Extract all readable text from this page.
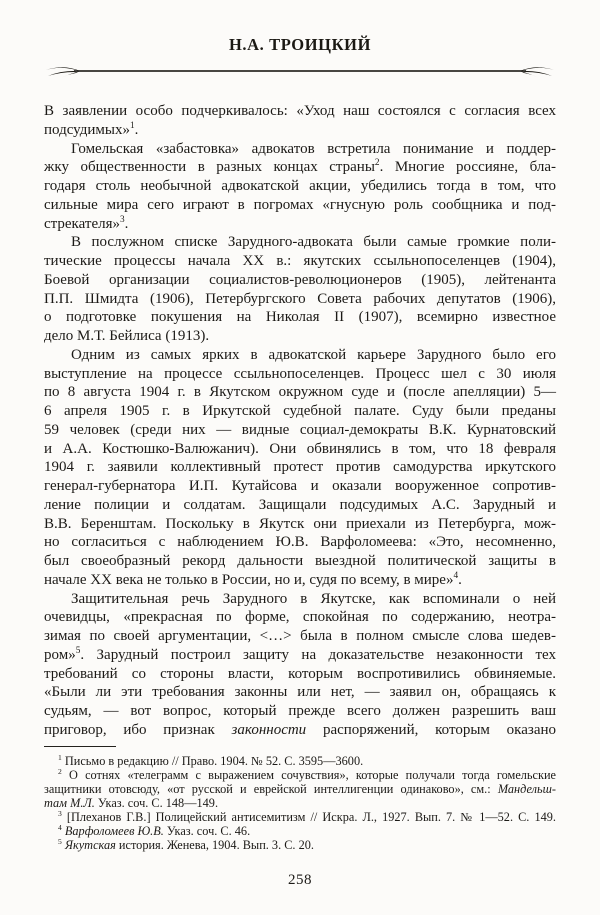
Н.А. ТРОИЦКИЙ
В заявлении особо подчеркивалось: «Уход наш состоялся с согласия всех
подсудимых»$^1$.
Гомельская «забастовка» адвокатов встретила понимание и поддер-
жку общественности в разных концах страны$^2$. Многие россияне, бла-
годаря столь необычной адвокатской акции, убедились тогда в том, что
сильные мира сего играют в погромах «гнусную роль сообщника и под-
стрекателя»$^3$.
В послужном списке Зарудного-адвоката были самые громкие поли-
тические процессы начала XX в.: якутских ссыльнопоселенцев (1904),
Боевой организации социалистов-революционеров (1905), лейтенанта
П.П. Шмидта (1906), Петербургского Совета рабочих депутатов (1906),
о подготовке покушения на Николая II (1907), всемирно известное
дело М.Т. Бейлиса (1913).
Одним из самых ярких в адвокатской карьере Зарудного было его
выступление на процессе ссыльнопоселенцев. Процесс шел с 30 июля
по 8 августа 1904 г. в Якутском окружном суде и (после апелляции) 5—
6 апреля 1905 г. в Иркутской судебной палате. Суду были преданы
59 человек (среди них — видные социал-демократы В.К. Курнатовский
и А.А. Костюшко-Валюжанич). Они обвинялись в том, что 18 февраля
1904 г. заявили коллективный протест против самодурства иркутского
генерал-губернатора И.П. Кутайсова и оказали вооруженное сопротив-
ление полиции и солдатам. Защищали подсудимых А.С. Зарудный и
В.В. Беренштам. Поскольку в Якутск они приехали из Петербурга, мож-
но согласиться с наблюдением Ю.В. Варфоломеева: «Это, несомненно,
был своеобразный рекорд дальности выездной политической защиты в
начале XX века не только в России, но и, судя по всему, в мире»$^4$.
Защитительная речь Зарудного в Якутске, как вспоминали о ней
очевидцы, «прекрасная по форме, спокойная по содержанию, неотра-
зимая по своей аргументации, <…> была в полном смысле слова шедев-
ром»$^5$. Зарудный построил защиту на доказательстве незаконности тех
требований со стороны власти, которым воспротивились обвиняемые.
«Были ли эти требования законны или нет, — заявил он, обращаясь к
судьям, — вот вопрос, который прежде всего должен разрешить ваш
приговор, ибо признак законности распоряжений, которым оказано
$^1$ Письмо в редакцию // Право. 1904. № 52. С. 3595—3600.
$^2$ О сотнях «телеграмм с выражением сочувствия», которые получали тогда гомельские
защитники отовсюду, «от русской и еврейской интеллигенции одинаково», см.: Мандельш-
там М.Л. Указ. соч. С. 148—149.
$^3$ [Плеханов Г.В.] Полицейский антисемитизм // Искра. Л., 1927. Вып. 7. № 1—52. С. 149.
$^4$ Варфоломеев Ю.В. Указ. соч. С. 46.
$^5$ Якутская история. Женева, 1904. Вып. 3. С. 20.
258
